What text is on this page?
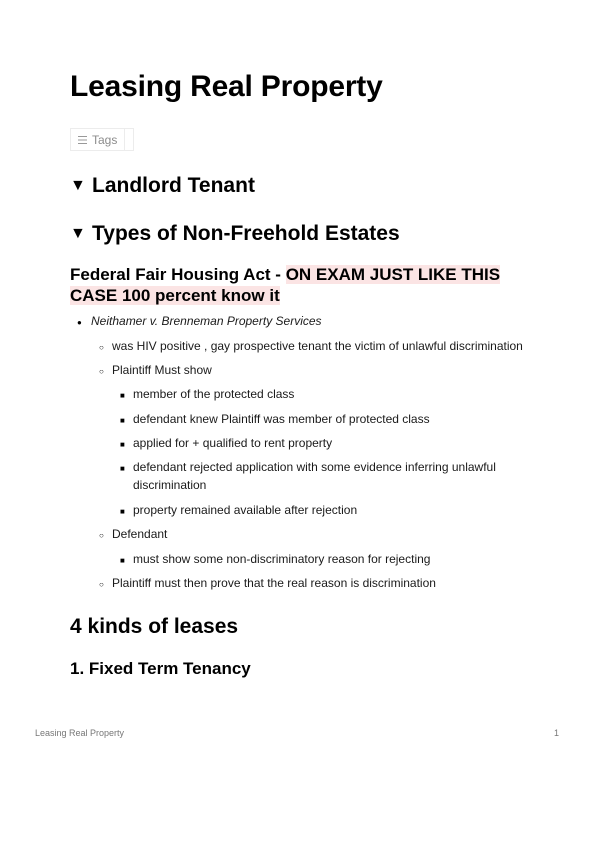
Leasing Real Property
Tags
▼ Landlord Tenant
▼ Types of Non-Freehold Estates
Federal Fair Housing Act - ON EXAM JUST LIKE THIS CASE 100 percent know it
● Neithamer v. Brenneman Property Services
○ was HIV positive , gay prospective tenant the victim of unlawful discrimination
○ Plaintiff Must show
■ member of the protected class
■ defendant knew Plaintiff was member of protected class
■ applied for + qualified to rent property
■ defendant rejected application with some evidence inferring unlawful
discrimination
■ property remained available after rejection
○ Defendant
■ must show some non-discriminatory reason for rejecting
○ Plaintiff must then prove that the real reason is discrimination
4 kinds of leases
1. Fixed Term Tenancy
Leasing Real Property	1
